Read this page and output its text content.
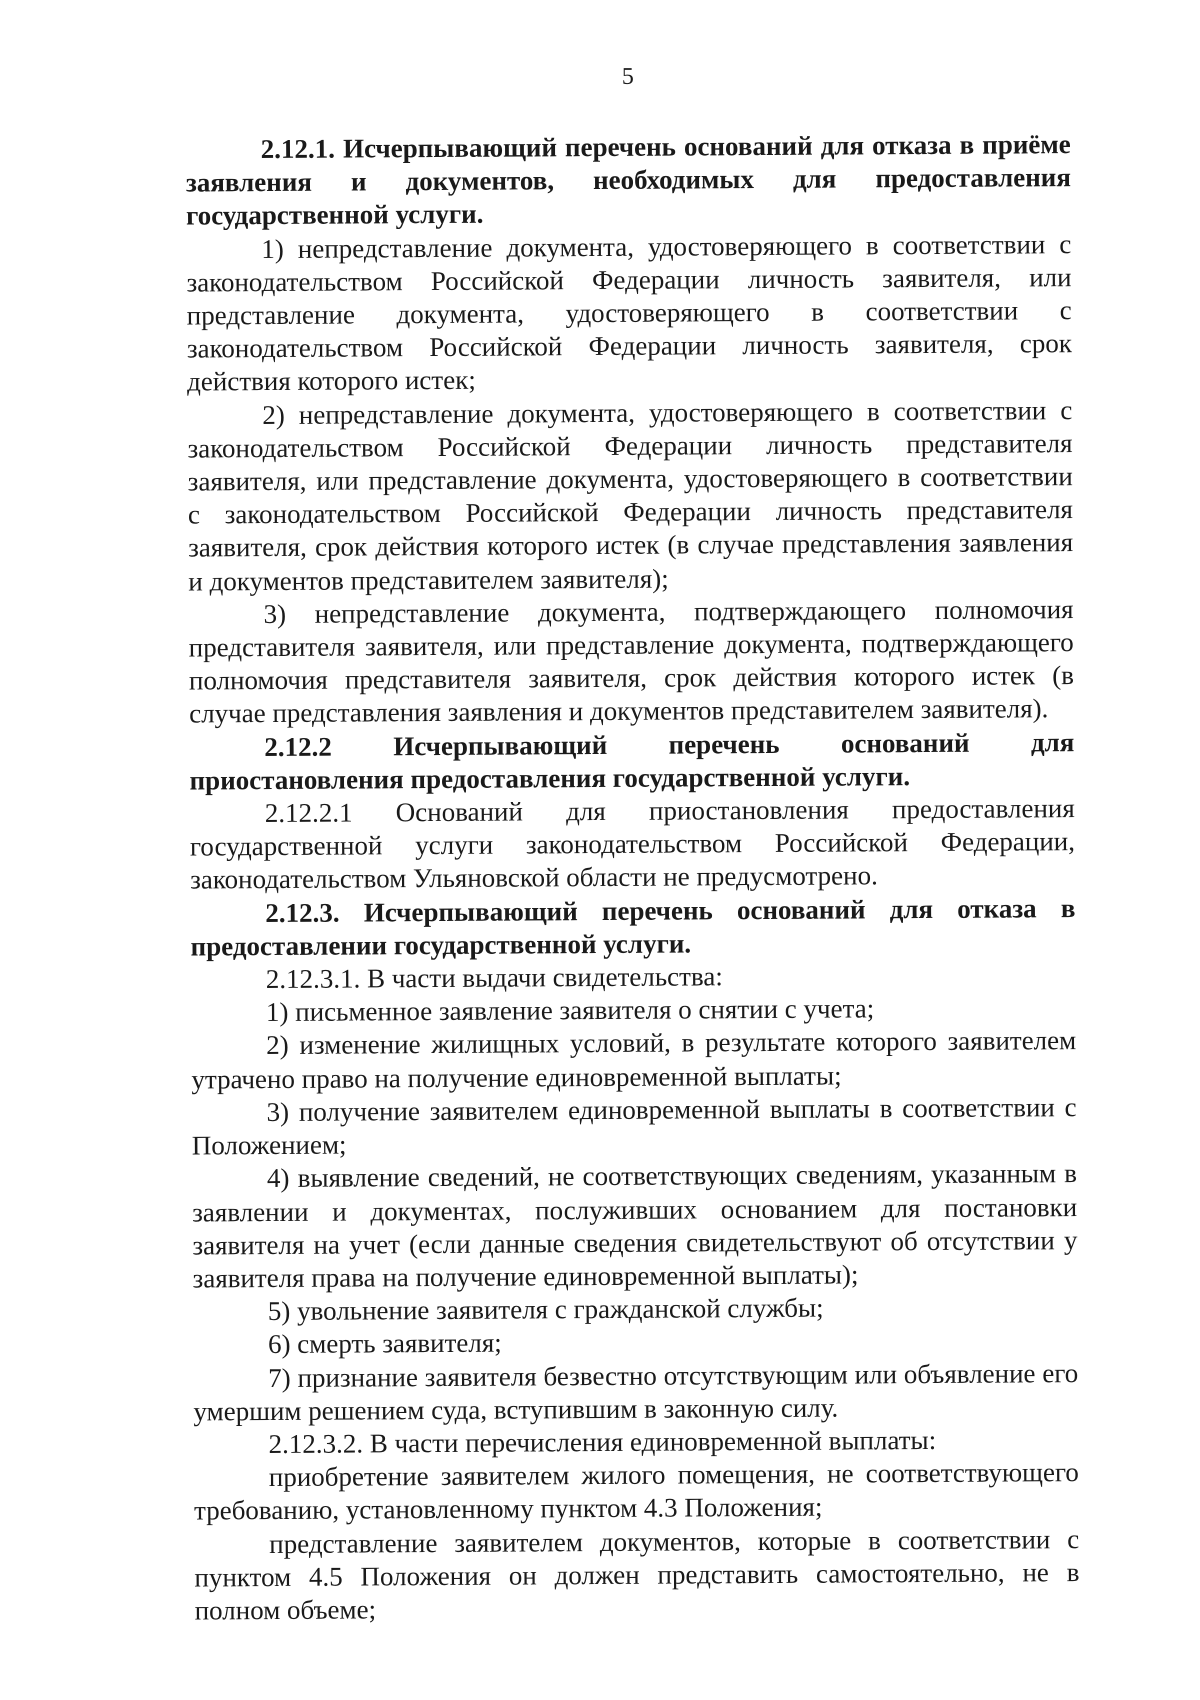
5

2.12.1. Исчерпывающий перечень оснований для отказа в приёме заявления и документов, необходимых для предоставления государственной услуги.

1) непредставление документа, удостоверяющего в соответствии с законодательством Российской Федерации личность заявителя, или представление документа, удостоверяющего в соответствии с законодательством Российской Федерации личность заявителя, срок действия которого истек;

2) непредставление документа, удостоверяющего в соответствии с законодательством Российской Федерации личность представителя заявителя, или представление документа, удостоверяющего в соответствии с законодательством Российской Федерации личность представителя заявителя, срок действия которого истек (в случае представления заявления и документов представителем заявителя);

3) непредставление документа, подтверждающего полномочия представителя заявителя, или представление документа, подтверждающего полномочия представителя заявителя, срок действия которого истек (в случае представления заявления и документов представителем заявителя).

2.12.2 Исчерпывающий перечень оснований для приостановления предоставления государственной услуги.

2.12.2.1 Оснований для приостановления предоставления государственной услуги законодательством Российской Федерации, законодательством Ульяновской области не предусмотрено.

2.12.3. Исчерпывающий перечень оснований для отказа в предоставлении государственной услуги.

2.12.3.1. В части выдачи свидетельства:

1) письменное заявление заявителя о снятии с учета;

2) изменение жилищных условий, в результате которого заявителем утрачено право на получение единовременной выплаты;

3) получение заявителем единовременной выплаты в соответствии с Положением;

4) выявление сведений, не соответствующих сведениям, указанным в заявлении и документах, послуживших основанием для постановки заявителя на учет (если данные сведения свидетельствуют об отсутствии у заявителя права на получение единовременной выплаты);

5) увольнение заявителя с гражданской службы;

6) смерть заявителя;

7) признание заявителя безвестно отсутствующим или объявление его умершим решением суда, вступившим в законную силу.

2.12.3.2. В части перечисления единовременной выплаты:

приобретение заявителем жилого помещения, не соответствующего требованию, установленному пунктом 4.3 Положения;

представление заявителем документов, которые в соответствии с пунктом 4.5 Положения он должен представить самостоятельно, не в полном объеме;
